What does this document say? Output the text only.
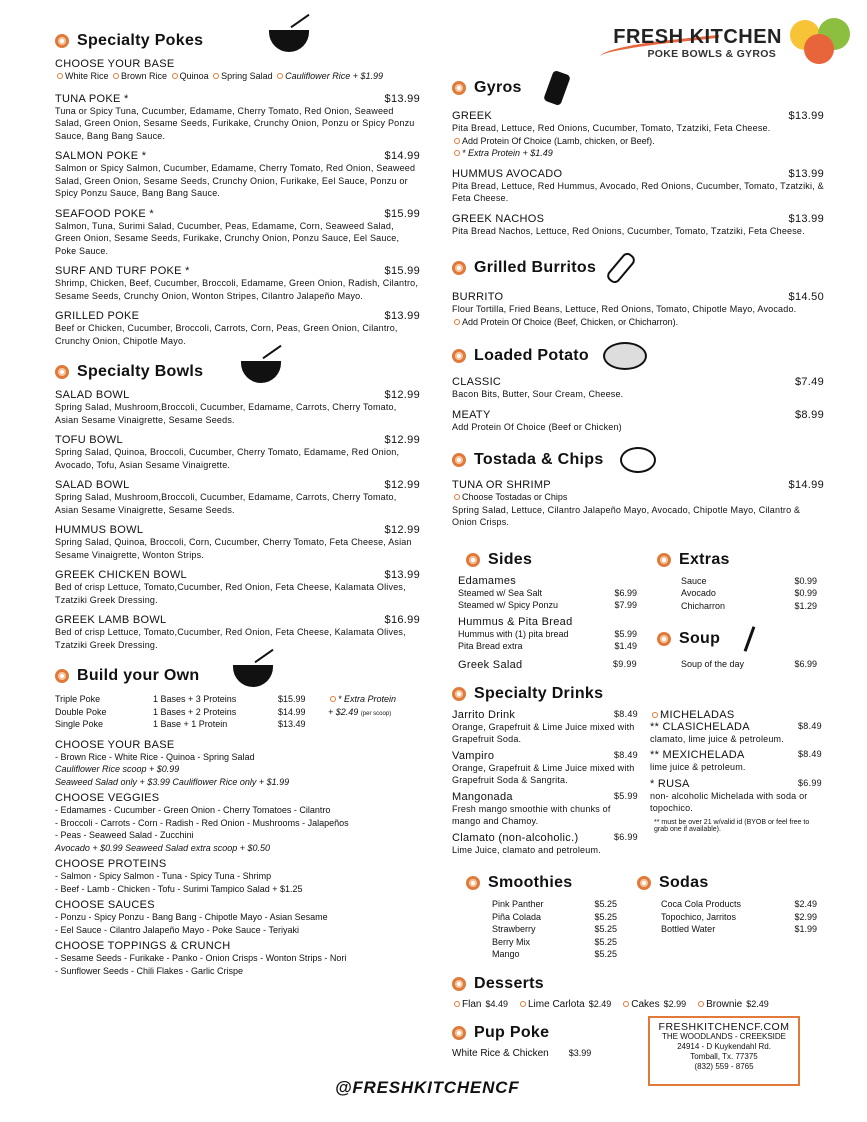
FRESH KITCHEN
POKE BOWLS & GYROS
Specialty Pokes
CHOOSE YOUR BASE
White Rice Brown Rice Quinoa Spring Salad Cauliflower Rice + $1.99
TUNA POKE *	$13.99
Tuna or Spicy Tuna, Cucumber, Edamame, Cherry Tomato, Red Onion, Seaweed Salad, Green Onion, Sesame Seeds, Furikake, Crunchy Onion, Ponzu or Spicy Ponzu Sauce, Bang Bang Sauce.
SALMON POKE *	$14.99
Salmon or Spicy Salmon, Cucumber, Edamame, Cherry Tomato, Red Onion, Seaweed Salad, Green Onion, Sesame Seeds, Crunchy Onion, Furikake, Eel Sauce, Ponzu or Spicy Ponzu Sauce, Bang Bang Sauce.
SEAFOOD POKE *	$15.99
Salmon, Tuna, Surimi Salad, Cucumber, Peas, Edamame, Corn, Seaweed Salad, Green Onion, Sesame Seeds, Furikake, Crunchy Onion, Ponzu Sauce, Eel Sauce, Poke Sauce.
SURF AND TURF POKE *	$15.99
Shrimp, Chicken, Beef, Cucumber, Broccoli, Edamame, Green Onion, Radish, Cilantro, Sesame Seeds, Crunchy Onion, Wonton Stripes, Cilantro Jalapeño Mayo.
GRILLED POKE	$13.99
Beef or Chicken, Cucumber, Broccoli, Carrots, Corn, Peas, Green Onion, Cilantro, Crunchy Onion, Chipotle Mayo.
Specialty Bowls
SALAD BOWL	$12.99
Spring Salad, Mushroom,Broccoli, Cucumber, Edamame, Carrots, Cherry Tomato, Asian Sesame Vinaigrette, Sesame Seeds.
TOFU BOWL	$12.99
Spring Salad, Quinoa, Broccoli, Cucumber, Cherry Tomato, Edamame, Red Onion, Avocado, Tofu, Asian Sesame Vinaigrette.
SALAD BOWL	$12.99
Spring Salad, Mushroom,Broccoli, Cucumber, Edamame, Carrots, Cherry Tomato, Asian Sesame Vinaigrette, Sesame Seeds.
HUMMUS BOWL	$12.99
Spring Salad, Quinoa, Broccoli, Corn, Cucumber, Cherry Tomato, Feta Cheese, Asian Sesame Vinaigrette, Wonton Strips.
GREEK CHICKEN BOWL	$13.99
Bed of crisp Lettuce, Tomato,Cucumber, Red Onion, Feta Cheese, Kalamata Olives, Tzatziki Greek Dressing.
GREEK LAMB BOWL	$16.99
Bed of crisp Lettuce, Tomato,Cucumber, Red Onion, Feta Cheese, Kalamata Olives, Tzatziki Greek Dressing.
Build your Own
Triple Poke	1 Bases + 3 Proteins	$15.99
Double Poke	1 Bases + 2 Proteins	$14.99
Single Poke	1 Base + 1 Protein	$13.49
* Extra Protein
+ $2.49 (per scoop)
CHOOSE YOUR BASE
- Brown Rice - White Rice - Quinoa - Spring Salad
Cauliflower Rice scoop + $0.99
Seaweed Salad only + $3.99 Cauliflower Rice only + $1.99
CHOOSE VEGGIES
- Edamames - Cucumber - Green Onion - Cherry Tomatoes - Cilantro
- Broccoli - Carrots - Corn - Radish - Red Onion - Mushrooms - Jalapeños
- Peas - Seaweed Salad - Zucchini
Avocado + $0.99 Seaweed Salad extra scoop + $0.50
CHOOSE PROTEINS
- Salmon - Spicy Salmon - Tuna - Spicy Tuna - Shrimp
- Beef - Lamb - Chicken - Tofu - Surimi Tampico Salad + $1.25
CHOOSE SAUCES
- Ponzu - Spicy Ponzu - Bang Bang - Chipotle Mayo - Asian Sesame
- Eel Sauce - Cilantro Jalapeño Mayo - Poke Sauce - Teriyaki
CHOOSE TOPPINGS & CRUNCH
- Sesame Seeds - Furikake - Panko - Onion Crisps - Wonton Strips - Nori
- Sunflower Seeds - Chili Flakes - Garlic Crispe
Gyros
GREEK	$13.99
Pita Bread, Lettuce, Red Onions, Cucumber, Tomato, Tzatziki, Feta Cheese.
Add Protein Of Choice (Lamb, chicken, or Beef).
* Extra Protein + $1.49
HUMMUS AVOCADO	$13.99
Pita Bread, Lettuce, Red Hummus, Avocado, Red Onions, Cucumber, Tomato, Tzatziki, & Feta Cheese.
GREEK NACHOS	$13.99
Pita Bread Nachos, Lettuce, Red Onions, Cucumber, Tomato, Tzatziki, Feta Cheese.
Grilled Burritos
BURRITO	$14.50
Flour Tortilla, Fried Beans, Lettuce, Red Onions, Tomato, Chipotle Mayo, Avocado.
Add Protein Of Choice (Beef, Chicken, or Chicharron).
Loaded Potato
CLASSIC	$7.49
Bacon Bits, Butter, Sour Cream, Cheese.
MEATY	$8.99
Add Protein Of Choice (Beef or Chicken)
Tostada & Chips
TUNA OR SHRIMP	$14.99
Choose Tostadas or Chips
Spring Salad, Lettuce, Cilantro Jalapeño Mayo, Avocado, Chipotle Mayo, Cilantro & Onion Crisps.
Sides
Edamames
Steamed w/ Sea Salt	$6.99
Steamed w/ Spicy Ponzu	$7.99
Hummus & Pita Bread
Hummus with (1) pita bread	$5.99
Pita Bread extra	$1.49
Greek Salad	$9.99
Extras
Sauce	$0.99
Avocado	$0.99
Chicharron	$1.29
Soup
Soup of the day	$6.99
Specialty Drinks
Jarrito Drink	$8.49
Orange, Grapefruit & Lime Juice mixed with Grapefruit Soda.
Vampiro	$8.49
Orange, Grapefruit & Lime Juice mixed with Grapefruit Soda & Sangrita.
Mangonada	$5.99
Fresh mango smoothie with chunks of mango and Chamoy.
Clamato (non-alcoholic.)	$6.99
Lime Juice, clamato and petroleum.
MICHELADAS
** CLASICHELADA	$8.49
clamato, lime juice & petroleum.
** MEXICHELADA	$8.49
lime juice & petroleum.
* RUSA	$6.99
non- alcoholic Michelada with soda or topochico.
** must be over 21 w/valid id (BYOB or feel free to grab one if available).
Smoothies
Pink Panther	$5.25
Piña Colada	$5.25
Strawberry	$5.25
Berry Mix	$5.25
Mango	$5.25
Sodas
Coca Cola Products	$2.49
Topochico, Jarritos	$2.99
Bottled Water	$1.99
Desserts
Flan $4.49	Lime Carlota $2.49	Cakes $2.99	Brownie $2.49
Pup Poke
White Rice & Chicken $3.99
FRESHKITCHENCF.COM
THE WOODLANDS - CREEKSIDE
24914 - D Kuykendahl Rd.
Tomball, Tx. 77375
(832) 559 - 8765
@FRESHKITCHENCF
